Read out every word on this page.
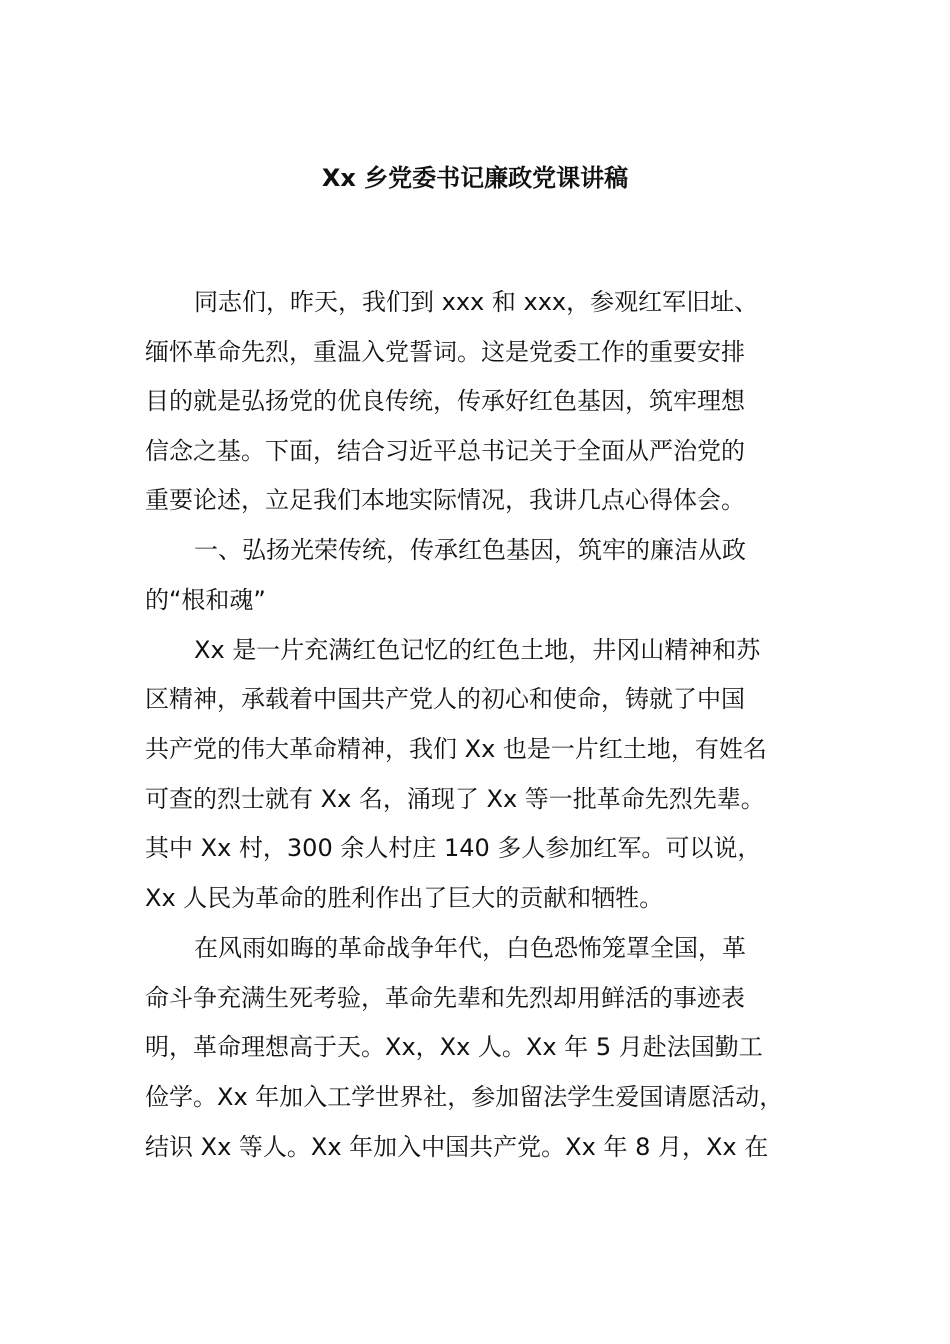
Xx 乡党委书记廉政党课讲稿

同志们，昨天，我们到 xxx 和 xxx，参观红军旧址、

缅怀革命先烈，重温入党誓词。这是党委工作的重要安排

目的就是弘扬党的优良传统，传承好红色基因，筑牢理想

信念之基。下面，结合习近平总书记关于全面从严治党的

重要论述，立足我们本地实际情况，我讲几点心得体会。

一、弘扬光荣传统，传承红色基因，筑牢的廉洁从政

的“根和魂”

Xx 是一片充满红色记忆的红色土地，井冈山精神和苏

区精神，承载着中国共产党人的初心和使命，铸就了中国

共产党的伟大革命精神，我们 Xx 也是一片红土地，有姓名

可查的烈士就有 Xx 名，涌现了 Xx 等一批革命先烈先辈。

其中 Xx 村，300 余人村庄 140 多人参加红军。可以说，

Xx 人民为革命的胜利作出了巨大的贡献和牺牲。

在风雨如晦的革命战争年代，白色恐怖笼罩全国，革

命斗争充满生死考验，革命先辈和先烈却用鲜活的事迹表

明，革命理想高于天。Xx，Xx 人。Xx 年 5 月赴法国勤工

俭学。Xx 年加入工学世界社，参加留法学生爱国请愿活动，

结识 Xx 等人。Xx 年加入中国共产党。Xx 年 8 月，Xx 在
